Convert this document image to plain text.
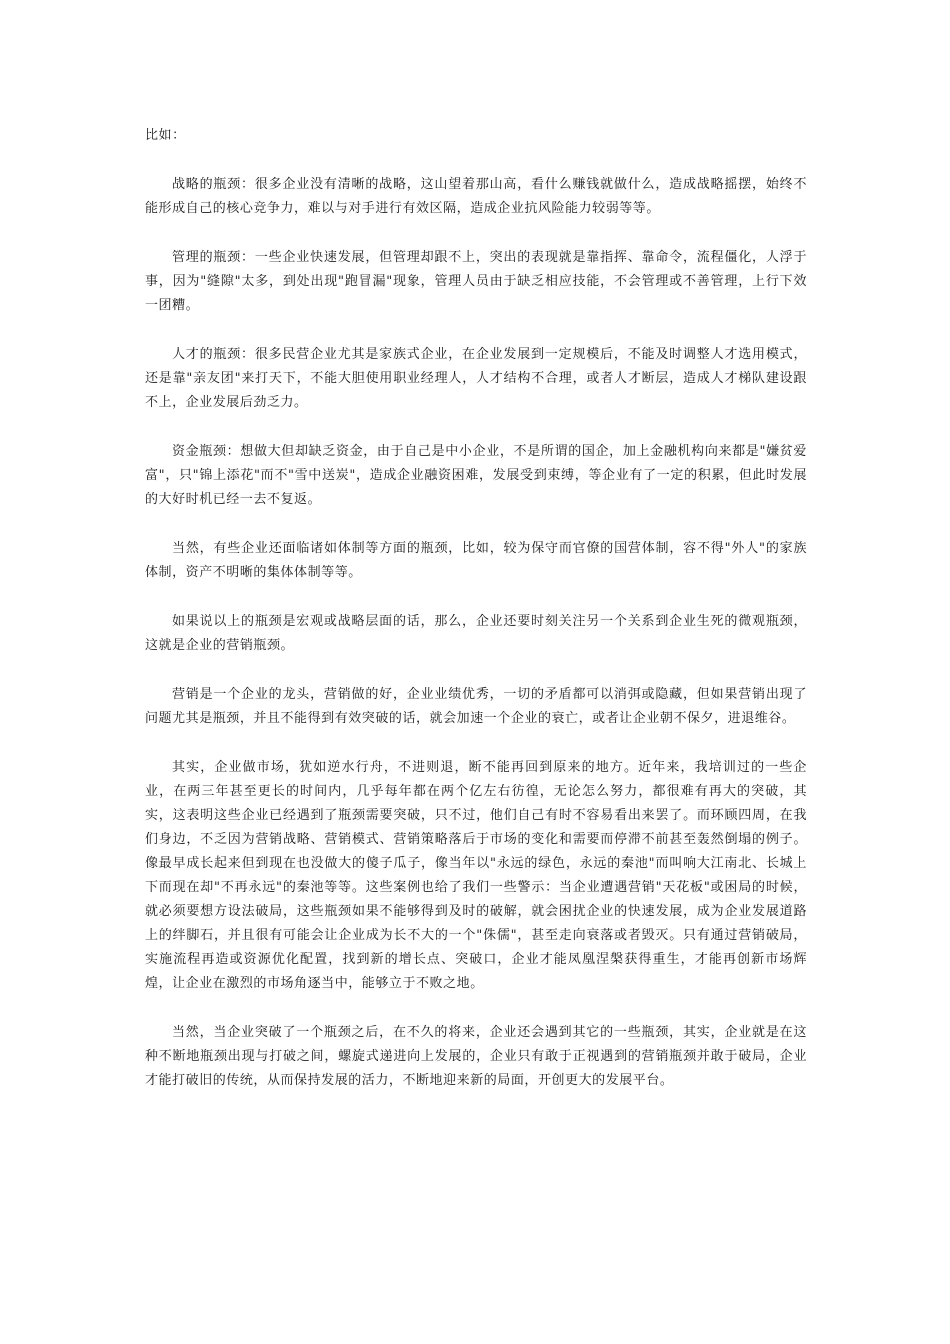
比如：

战略的瓶颈：很多企业没有清晰的战略，这山望着那山高，看什么赚钱就做什么，造成战略摇摆，始终不能形成自己的核心竞争力，难以与对手进行有效区隔，造成企业抗风险能力较弱等等。

管理的瓶颈：一些企业快速发展，但管理却跟不上，突出的表现就是靠指挥、靠命令，流程僵化，人浮于事，因为"缝隙"太多，到处出现"跑冒漏"现象，管理人员由于缺乏相应技能，不会管理或不善管理，上行下效一团糟。

人才的瓶颈：很多民营企业尤其是家族式企业，在企业发展到一定规模后，不能及时调整人才选用模式，还是靠"亲友团"来打天下，不能大胆使用职业经理人，人才结构不合理，或者人才断层，造成人才梯队建设跟不上，企业发展后劲乏力。

资金瓶颈：想做大但却缺乏资金，由于自己是中小企业，不是所谓的国企，加上金融机构向来都是"嫌贫爱富"，只"锦上添花"而不"雪中送炭"，造成企业融资困难，发展受到束缚，等企业有了一定的积累，但此时发展的大好时机已经一去不复返。

当然，有些企业还面临诸如体制等方面的瓶颈，比如，较为保守而官僚的国营体制，容不得"外人"的家族体制，资产不明晰的集体体制等等。

如果说以上的瓶颈是宏观或战略层面的话，那么，企业还要时刻关注另一个关系到企业生死的微观瓶颈，这就是企业的营销瓶颈。

营销是一个企业的龙头，营销做的好，企业业绩优秀，一切的矛盾都可以消弭或隐藏，但如果营销出现了问题尤其是瓶颈，并且不能得到有效突破的话，就会加速一个企业的衰亡，或者让企业朝不保夕，进退维谷。

其实，企业做市场，犹如逆水行舟，不进则退，断不能再回到原来的地方。近年来，我培训过的一些企业，在两三年甚至更长的时间内，几乎每年都在两个亿左右彷徨，无论怎么努力，都很难有再大的突破，其实，这表明这些企业已经遇到了瓶颈需要突破，只不过，他们自己有时不容易看出来罢了。而环顾四周，在我们身边，不乏因为营销战略、营销模式、营销策略落后于市场的变化和需要而停滞不前甚至轰然倒塌的例子。像最早成长起来但到现在也没做大的傻子瓜子，像当年以"永远的绿色，永远的秦池"而叫响大江南北、长城上下而现在却"不再永远"的秦池等等。这些案例也给了我们一些警示：当企业遭遇营销"天花板"或困局的时候，就必须要想方设法破局，这些瓶颈如果不能够得到及时的破解，就会困扰企业的快速发展，成为企业发展道路上的绊脚石，并且很有可能会让企业成为长不大的一个"侏儒"，甚至走向衰落或者毁灭。只有通过营销破局，实施流程再造或资源优化配置，找到新的增长点、突破口，企业才能凤凰涅槃获得重生，才能再创新市场辉煌，让企业在激烈的市场角逐当中，能够立于不败之地。

当然，当企业突破了一个瓶颈之后，在不久的将来，企业还会遇到其它的一些瓶颈，其实，企业就是在这种不断地瓶颈出现与打破之间，螺旋式递进向上发展的，企业只有敢于正视遇到的营销瓶颈并敢于破局，企业才能打破旧的传统，从而保持发展的活力，不断地迎来新的局面，开创更大的发展平台。
